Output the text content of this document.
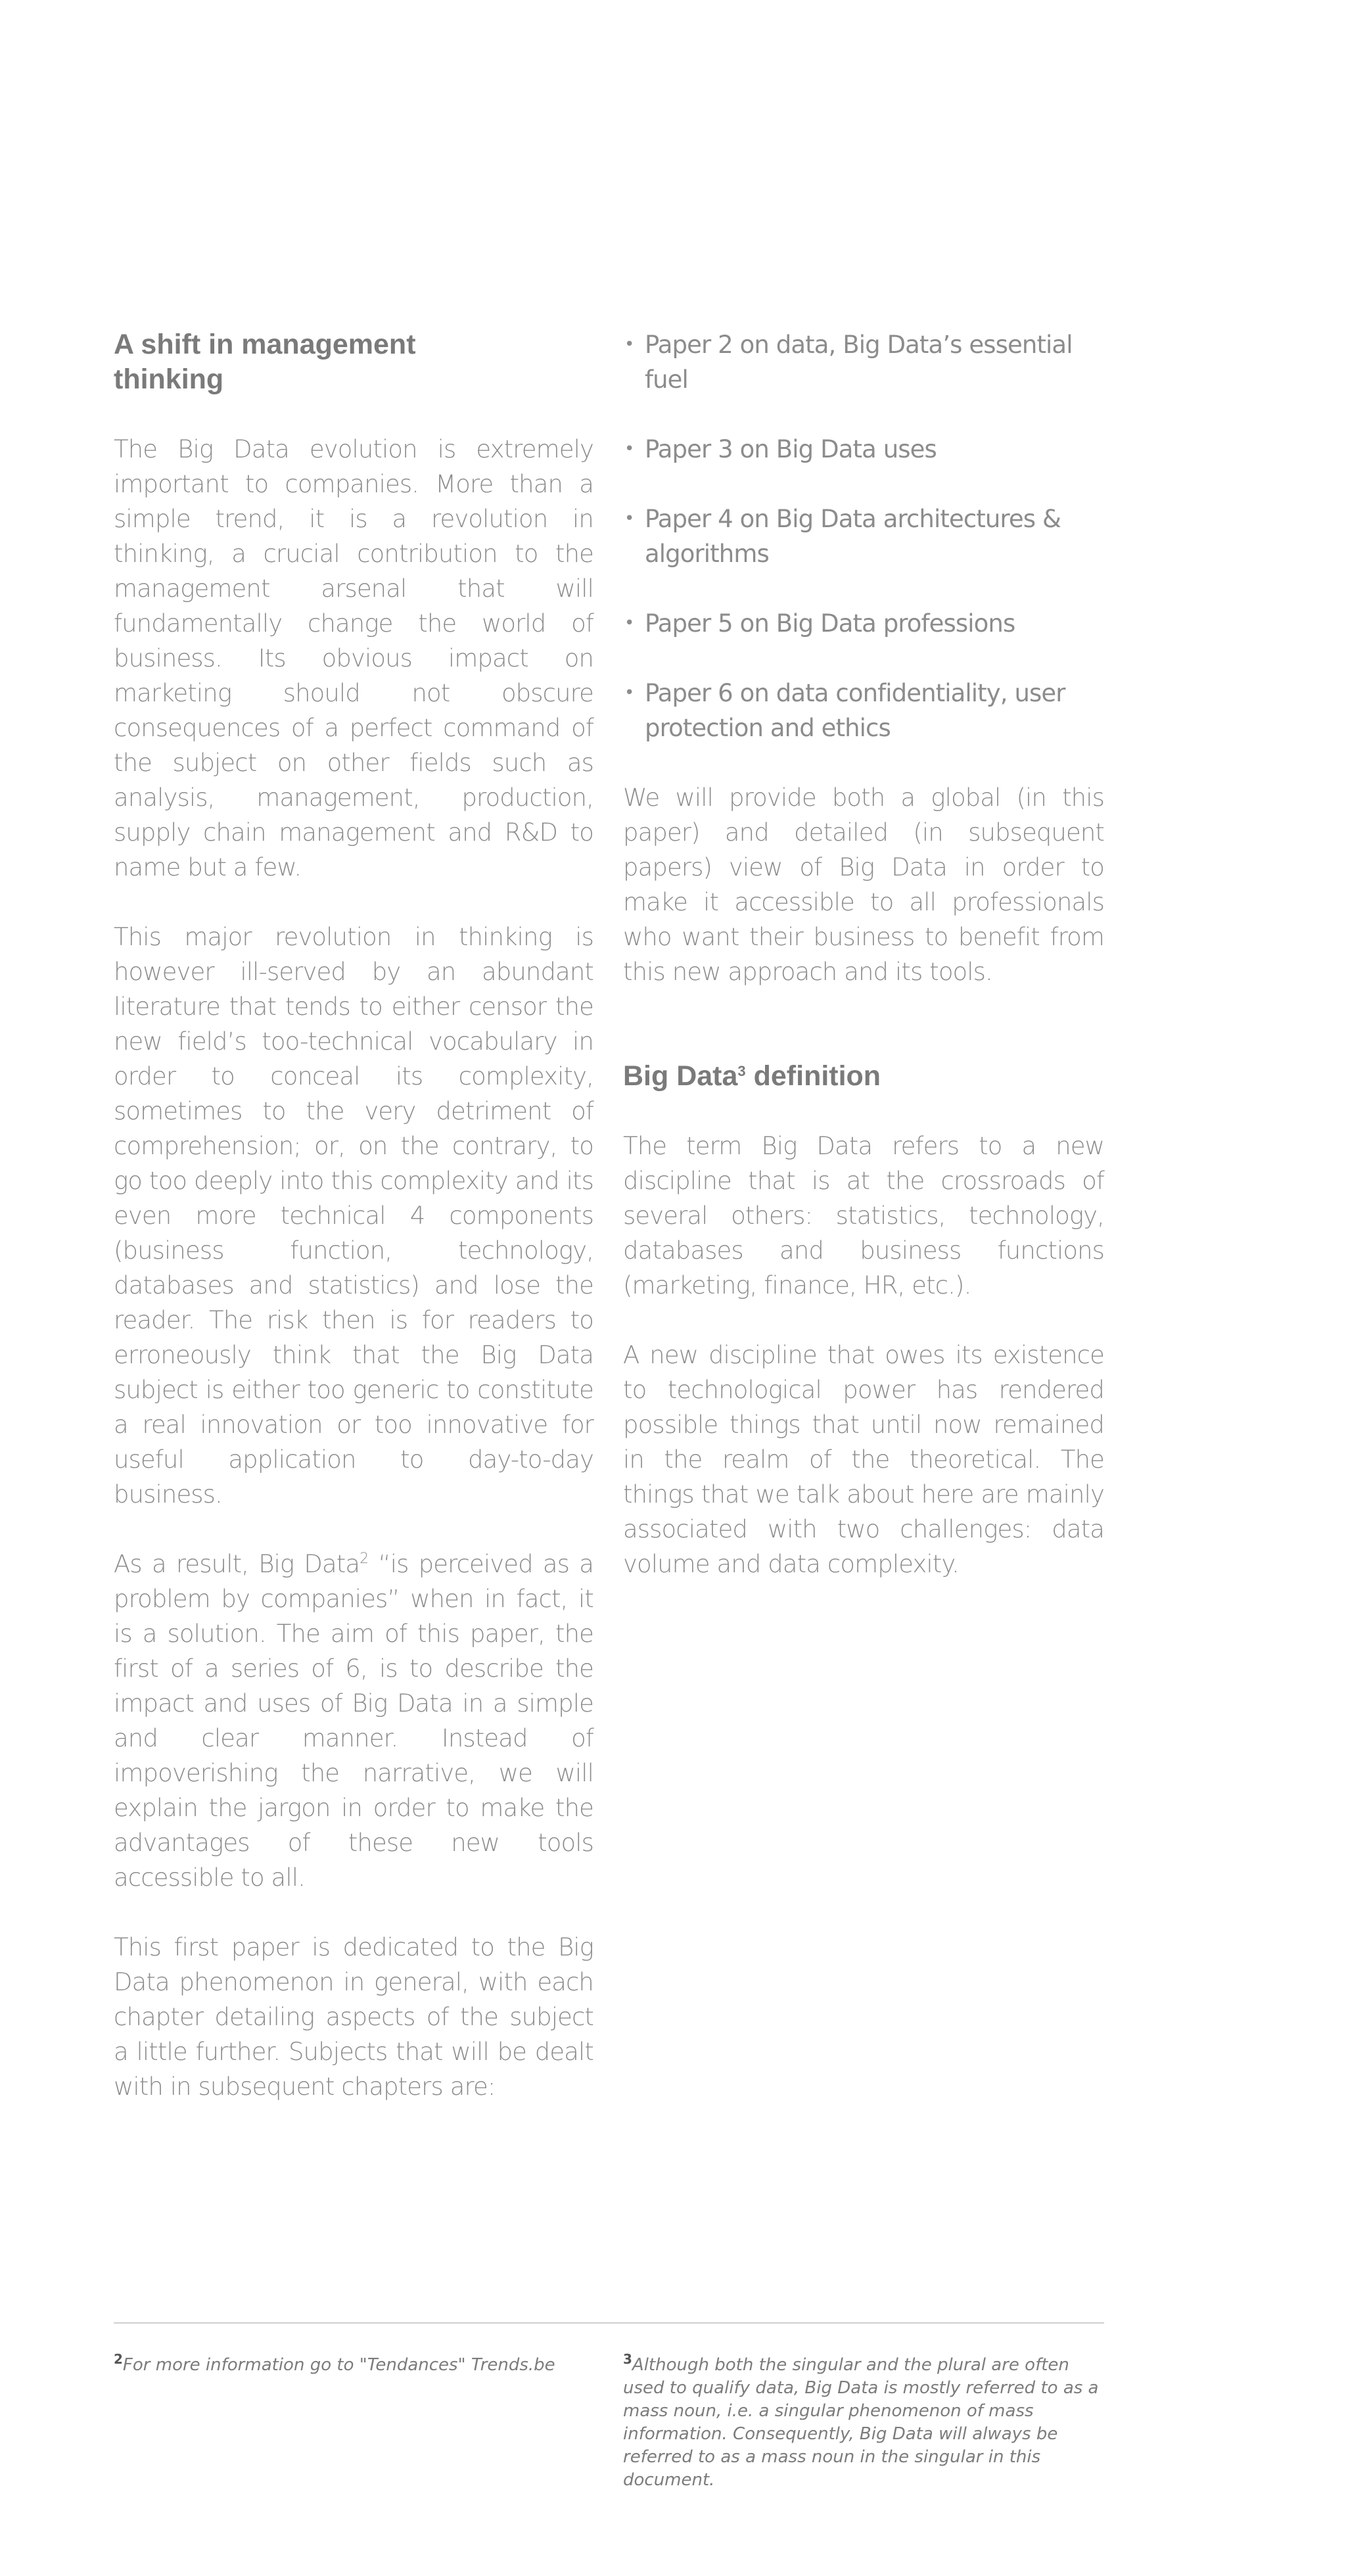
A shift in management thinking

The Big Data evolution is extremely important to companies. More than a simple trend, it is a revolution in thinking, a crucial contribution to the management arsenal that will fundamentally change the world of business. Its obvious impact on marketing should not obscure consequences of a perfect command of the subject on other fields such as analysis, management, production, supply chain management and R&D to name but a few.

This major revolution in thinking is however ill-served by an abundant literature that tends to either censor the new field’s too-technical vocabulary in order to conceal its complexity, sometimes to the very detriment of comprehension; or, on the contrary, to go too deeply into this complexity and its even more technical 4 components (business function, technology, databases and statistics) and lose the reader. The risk then is for readers to erroneously think that the Big Data subject is either too generic to constitute a real innovation or too innovative for useful application to day-to-day business.

As a result, Big Data$^2$ “is perceived as a problem by companies” when in fact, it is a solution. The aim of this paper, the first of a series of 6, is to describe the impact and uses of Big Data in a simple and clear manner. Instead of impoverishing the narrative, we will explain the jargon in order to make the advantages of these new tools accessible to all.

This first paper is dedicated to the Big Data phenomenon in general, with each chapter detailing aspects of the subject a little further. Subjects that will be dealt with in subsequent chapters are:

• Paper 2 on data, Big Data’s essential fuel
• Paper 3 on Big Data uses
• Paper 4 on Big Data architectures & algorithms
• Paper 5 on Big Data professions
• Paper 6 on data confidentiality, user protection and ethics

We will provide both a global (in this paper) and detailed (in subsequent papers) view of Big Data in order to make it accessible to all professionals who want their business to benefit from this new approach and its tools.

Big Data$^3$ definition

The term Big Data refers to a new discipline that is at the crossroads of several others: statistics, technology, databases and business functions (marketing, finance, HR, etc.).

A new discipline that owes its existence to technological power has rendered possible things that until now remained in the realm of the theoretical. The things that we talk about here are mainly associated with two challenges: data volume and data complexity.

$^2$For more information go to "Tendances" Trends.be	$^3$Although both the singular and the plural are often used to qualify data, Big Data is mostly referred to as a mass noun, i.e. a singular phenomenon of mass information. Consequently, Big Data will always be referred to as a mass noun in the singular in this document.
